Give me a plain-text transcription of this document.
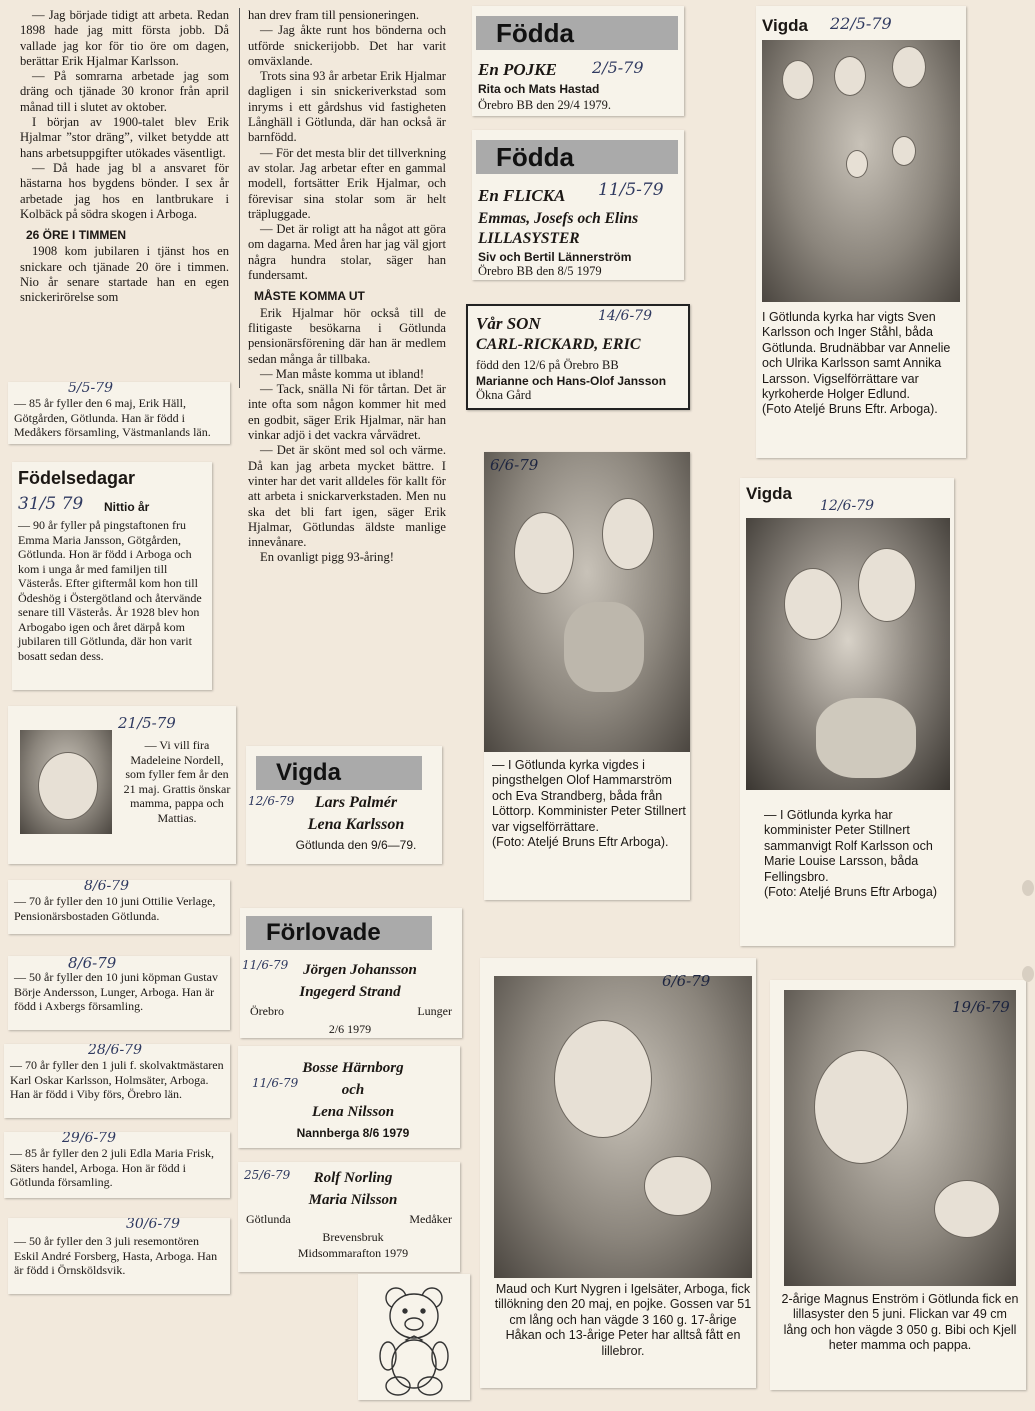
— Jag började tidigt att arbeta. Redan 1898 hade jag mitt första jobb. Då vallade jag kor för tio öre om dagen, berättar Erik Hjalmar Karlsson.

— På somrarna arbetade jag som dräng och tjänade 30 kronor från april månad till i slutet av oktober.

I början av 1900-talet blev Erik Hjalmar ”stor dräng”, vilket betydde att hans arbetsuppgifter utökades väsentligt.

— Då hade jag bl a ansvaret för hästarna hos bygdens bönder. I sex år arbetade jag hos en lantbrukare i Kolbäck på södra skogen i Arboga.

26 ÖRE I TIMMEN

1908 kom jubilaren i tjänst hos en snickare och tjänade 20 öre i timmen. Nio år senare startade han en egen snickerirörelse som

han drev fram till pensioneringen.

— Jag åkte runt hos bönderna och utförde snickerijobb. Det har varit omväxlande.

Trots sina 93 år arbetar Erik Hjalmar dagligen i sin snickeriverkstad som inryms i ett gårdshus vid fastigheten Långhäll i Götlunda, där han också är barnfödd.

— För det mesta blir det tillverkning av stolar. Jag arbetar efter en gammal modell, fortsätter Erik Hjalmar, och förevisar sina stolar som är helt träpluggade.

— Det är roligt att ha något att göra om dagarna. Med åren har jag väl gjort några hundra stolar, säger han fundersamt.

MÅSTE KOMMA UT

Erik Hjalmar hör också till de flitigaste besökarna i Götlunda pensionärsförening där han är medlem sedan många år tillbaka.

— Man måste komma ut ibland!

— Tack, snälla Ni för tårtan. Det är inte ofta som någon kommer hit med en godbit, säger Erik Hjalmar, när han vinkar adjö i det vackra vårvädret.

— Det är skönt med sol och värme. Då kan jag arbeta mycket bättre. I vinter har det varit alldeles för kallt för att arbeta i snickarverkstaden. Men nu ska det bli fart igen, säger Erik Hjalmar, Götlundas äldste manlige innevånare.

En ovanligt pigg 93-åring!

5/5-79
— 85 år fyller den 6 maj, Erik Häll, Götgården, Götlunda. Han är född i Medåkers församling, Västmanlands län.
Födelsedagar
31/5 79 Nittio år
— 90 år fyller på pingstaftonen fru Emma Maria Jansson, Götgården, Götlunda. Hon är född i Arboga och kom i unga år med familjen till Västerås. Efter giftermål kom hon till Ödeshög i Östergötland och återvände senare till Västerås. År 1928 blev hon Arbogabo igen och året därpå kom jubilaren till Götlunda, där hon varit bosatt sedan dess.
21/5-79
— Vi vill fira Madeleine Nordell, som fyller fem år den 21 maj. Grattis önskar mamma, pappa och Mattias.
8/6-79
— 70 år fyller den 10 juni Ottilie Verlage, Pensionärsbostaden Götlunda.
8/6-79
— 50 år fyller den 10 juni köpman Gustav Börje Andersson, Lunger, Arboga. Han är född i Axbergs församling.
28/6-79
— 70 år fyller den 1 juli f. skolvaktmästaren Karl Oskar Karlsson, Holmsäter, Arboga. Han är född i Viby förs, Örebro län.
29/6-79
— 85 år fyller den 2 juli Edla Maria Frisk, Säters handel, Arboga. Hon är född i Götlunda församling.
30/6-79
— 50 år fyller den 3 juli resemontören Eskil André Forsberg, Hasta, Arboga. Han är född i Örnsköldsvik.
Vigda
12/6-79	Lars Palmér
Lena Karlsson
Götlunda den 9/6—79.
Förlovade
11/6-79 Jörgen Johansson
Ingegerd Strand
Örebro	Lunger
2/6 1979
11/6-79
Bosse Härnborg
och
Lena Nilsson
Nannberga 8/6 1979
25/6-79	Rolf Norling
Maria Nilsson
Götlunda	Medåker
Brevensbruk
Midsommarafton 1979
Födda
En POJKE 2/5-79
Rita och Mats Hastad
Örebro BB den 29/4 1979.
Födda
En FLICKA 11/5-79
Emmas, Josefs och Elins
LILLASYSTER
Siv och Bertil Lännerström
Örebro BB den 8/5 1979
Vår SON	14/6-79
CARL-RICKARD, ERIC
född den 12/6 på Örebro BB
Marianne och Hans-Olof Jansson
Ökna Gård
6/6-79
— I Götlunda kyrka vigdes i pingsthelgen Olof Hammarström och Eva Strandberg, båda från Löttorp. Komminister Peter Stillnert var vigselförrättare.
(Foto: Ateljé Bruns Eftr Arboga).
Vigda 22/5-79
I Götlunda kyrka har vigts Sven Karlsson och Inger Ståhl, båda Götlunda. Brudnäbbar var Annelie och Ulrika Karlsson samt Annika Larsson. Vigselförrättare var kyrkoherde Holger Edlund.
(Foto Ateljé Bruns Eftr. Arboga).
Vigda
12/6-79
— I Götlunda kyrka har komminister Peter Stillnert sammanvigt Rolf Karlsson och Marie Louise Larsson, båda Fellingsbro.
(Foto: Ateljé Bruns Eftr Arboga)
6/6-79
Maud och Kurt Nygren i Igelsäter, Arboga, fick tillökning den 20 maj, en pojke. Gossen var 51 cm lång och han vägde 3 160 g. 17-årige Håkan och 13-årige Peter har alltså fått en lillebror.
19/6-79
2-årige Magnus Enström i Götlunda fick en lillasyster den 5 juni. Flickan var 49 cm lång och hon vägde 3 050 g. Bibi och Kjell heter mamma och pappa.
